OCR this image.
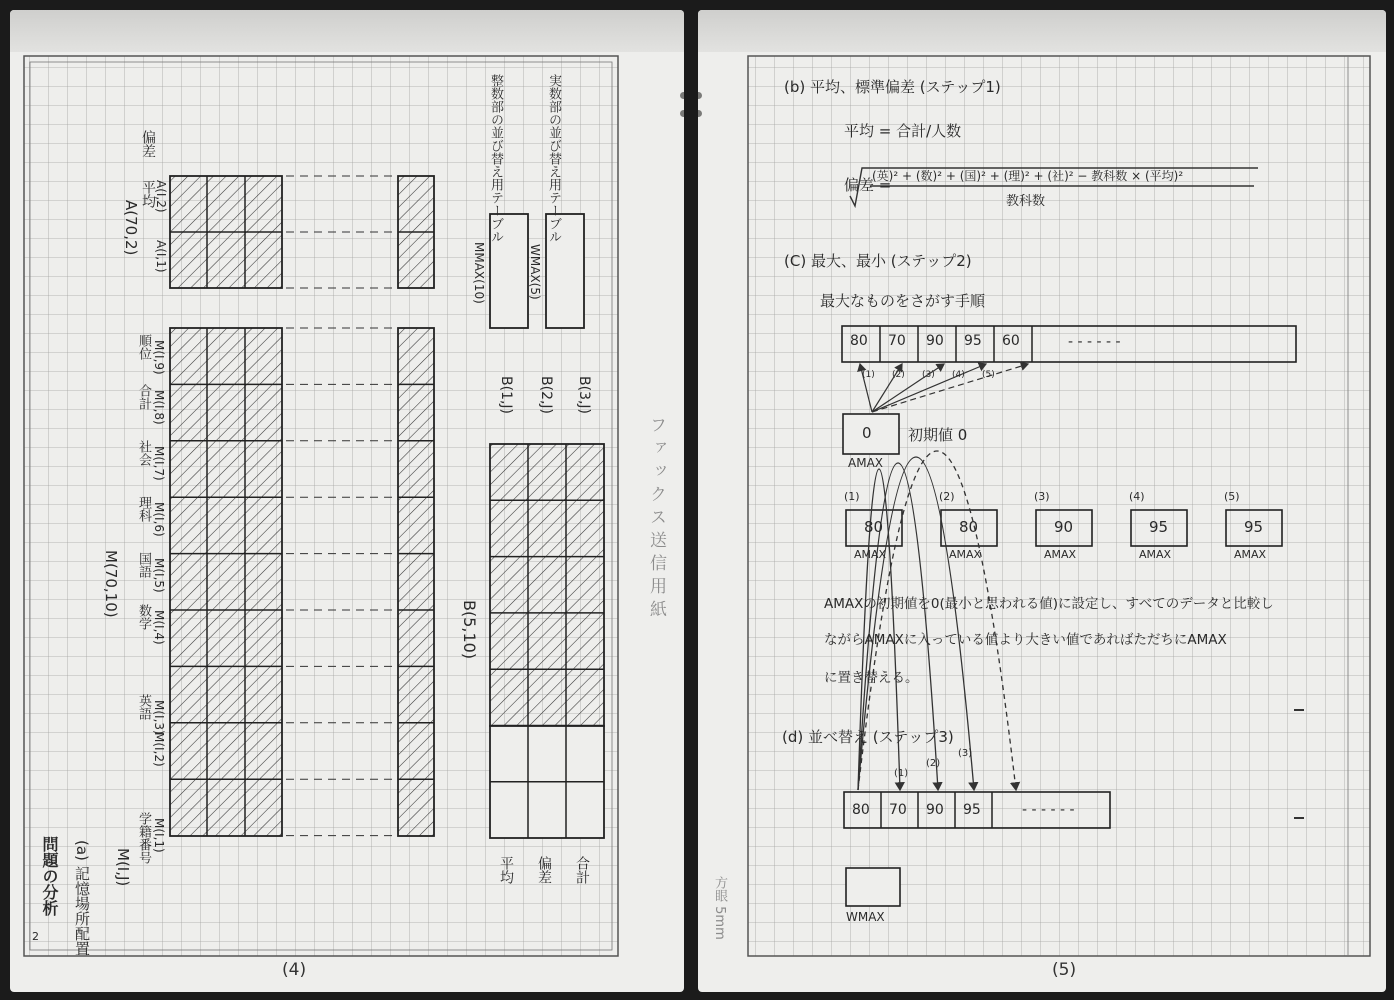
問題の分析 (a) 記憶場所配置
2
M(I,J)
M(70,10)
学籍番号 M(I,1)
英語 M(I,3)
数学 M(I,4)
国語 M(I,5)
理科 M(I,6)
社会 M(I,7)
合計 M(I,8)
順位 M(I,9)
M(I,2)
A(70,2)
平均
A(I,1)
偏差
A(I,2)
MMAX(10)
整数部の並び替え用テーブル
WMAX(5)
実数部の並び替え用テーブル
B(5,10)
B(1,J) B(2,J) B(3,J)
平均 偏差 合計
ファックス送信用紙
(4)
(b) 平均、標準偏差 (ステップ1)
平均 = 合計/人数
偏差 =
(英)² + (数)² + (国)² + (理)² + (社)² − 教科数 × (平均)²
教科数
(C) 最大、最小 (ステップ2)
最大なものをさがす手順
80 70 90 95 60	- - - - - -
(1) (2) (3) (4) (5)
初期値 0
0
AMAX
(1)
80
AMAX
(2)
80
AMAX
(3)
90
AMAX
(4)
95
AMAX
(5)
95
AMAX
AMAXの初期値を0(最小と思われる値)に設定し、すべてのデータと比較し
ながらAMAXに入っている値より大きい値であればただちにAMAX
に置き替える。
(d) 並べ替え (ステップ3)
80 70 90 95	- - - - - -
(1)
(2)
(3)
WMAX
方眼 5mm
(5)
